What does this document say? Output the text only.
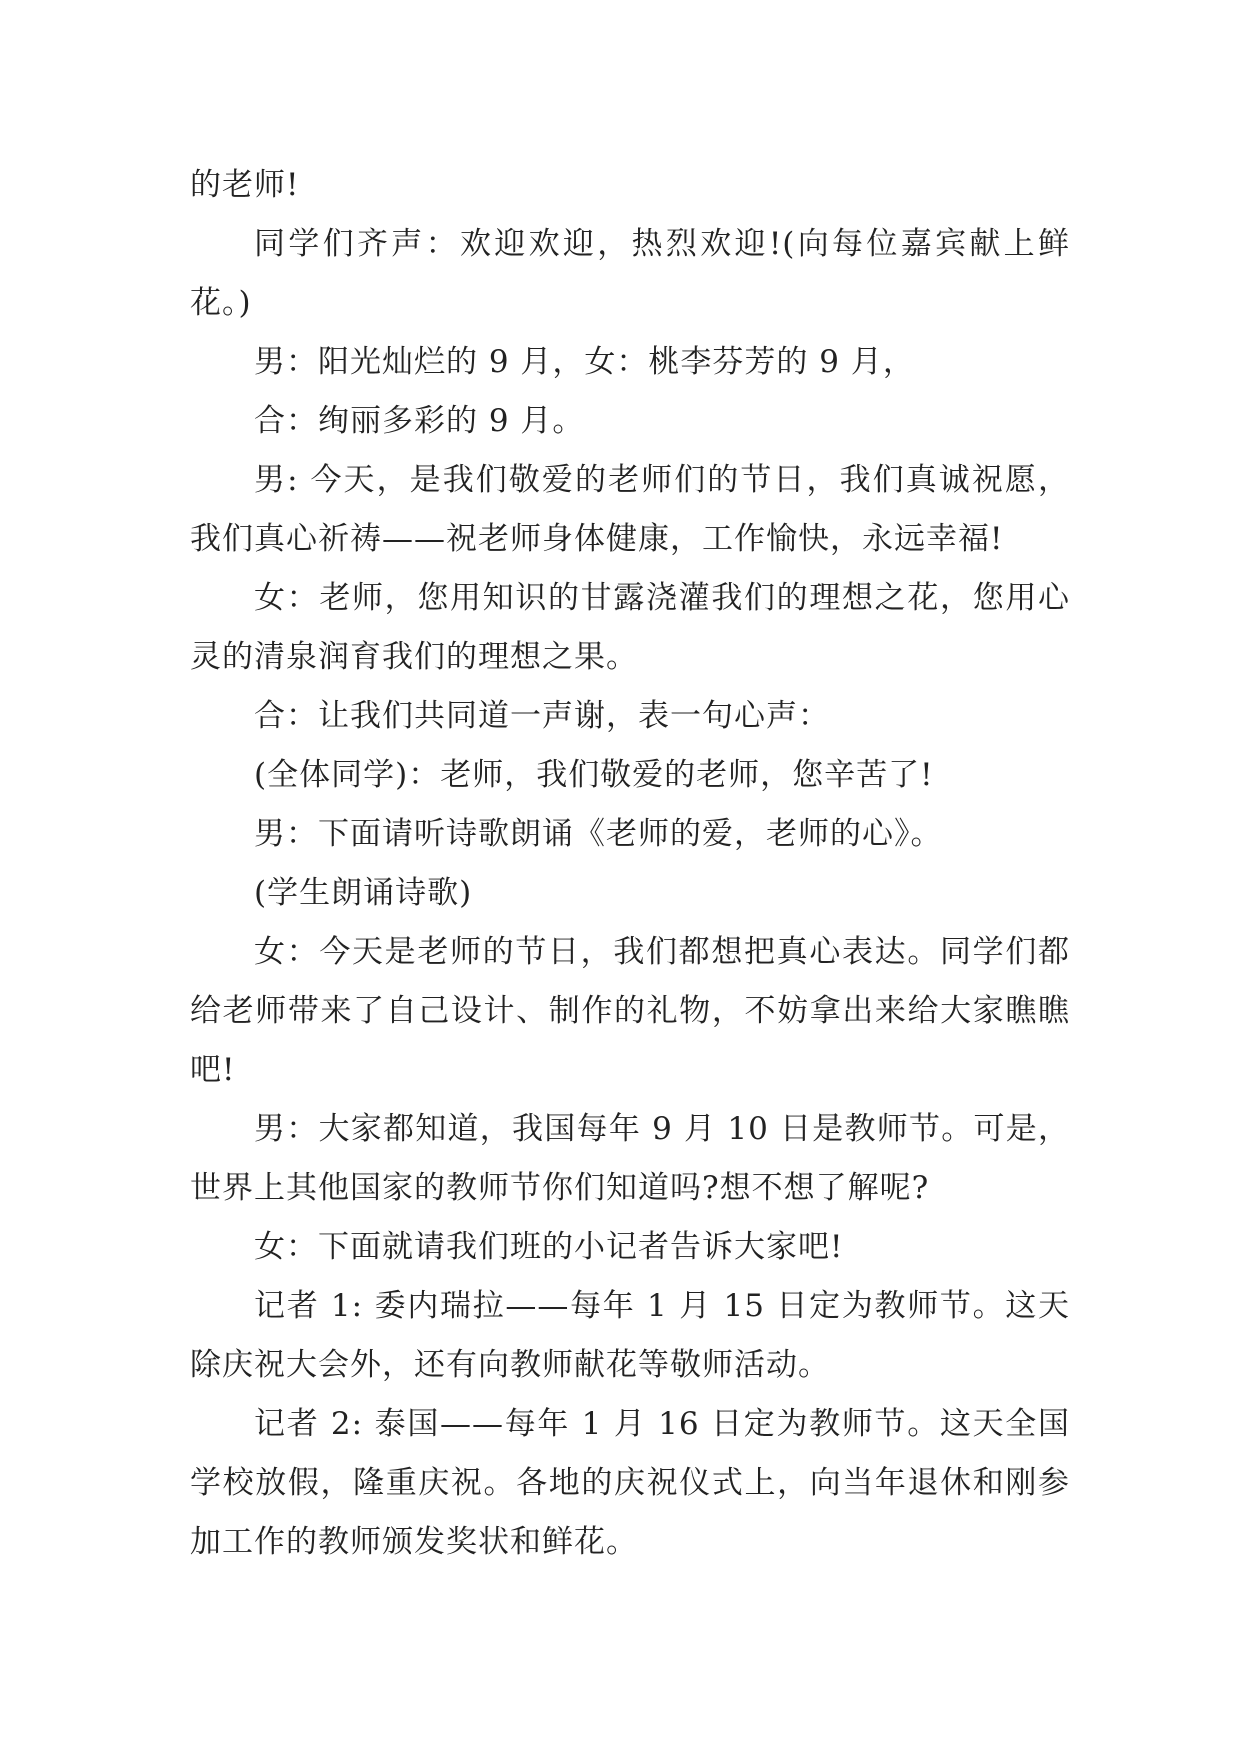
的老师!

同学们齐声：欢迎欢迎，热烈欢迎!(向每位嘉宾献上鲜花。)

男：阳光灿烂的 9 月，女：桃李芬芳的 9 月，

合：绚丽多彩的 9 月。

男: 今天，是我们敬爱的老师们的节日，我们真诚祝愿，我们真心祈祷——祝老师身体健康，工作愉快，永远幸福!

女：老师，您用知识的甘露浇灌我们的理想之花，您用心灵的清泉润育我们的理想之果。

合：让我们共同道一声谢，表一句心声：

(全体同学)：老师，我们敬爱的老师，您辛苦了!

男：下面请听诗歌朗诵《老师的爱，老师的心》。

(学生朗诵诗歌)

女：今天是老师的节日，我们都想把真心表达。同学们都给老师带来了自己设计、制作的礼物，不妨拿出来给大家瞧瞧吧!

男：大家都知道，我国每年 9 月 10 日是教师节。可是，世界上其他国家的教师节你们知道吗?想不想了解呢?

女：下面就请我们班的小记者告诉大家吧!

记者 1: 委内瑞拉——每年 1 月 15 日定为教师节。这天除庆祝大会外，还有向教师献花等敬师活动。

记者 2: 泰国——每年 1 月 16 日定为教师节。这天全国学校放假，隆重庆祝。各地的庆祝仪式上，向当年退休和刚参加工作的教师颁发奖状和鲜花。
